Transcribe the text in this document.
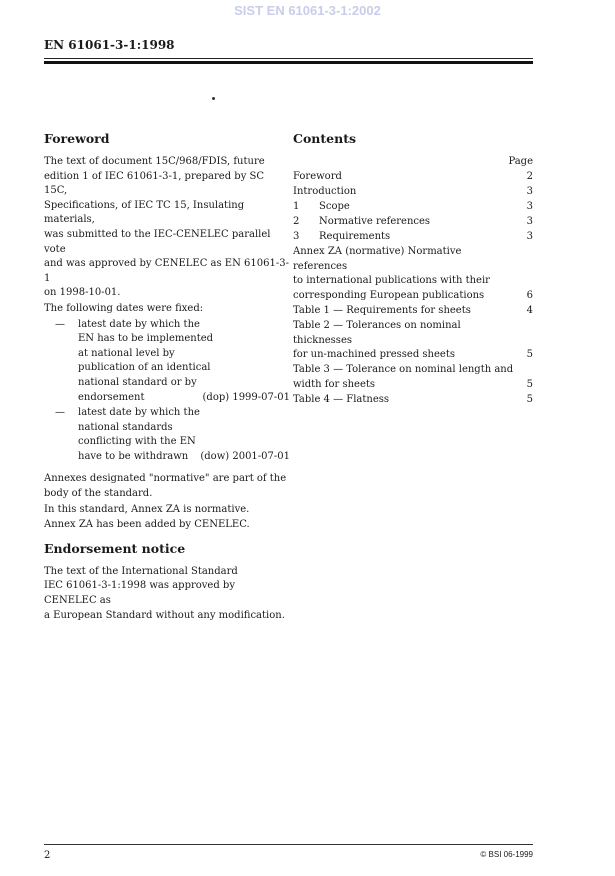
SIST EN 61061-3-1:2002
EN 61061-3-1:1998
Foreword

The text of document 15C/968/FDIS, future
edition 1 of IEC 61061-3-1, prepared by SC 15C,
Specifications, of IEC TC 15, Insulating materials,
was submitted to the IEC-CENELEC parallel vote
and was approved by CENELEC as EN 61061-3-1
on 1998-10-01.

The following dates were fixed:

—	latest date by which the
EN has to be implemented
at national level by
publication of an identical
national standard or by
endorsement	(dop) 1999-07-01
—	latest date by which the
national standards
conflicting with the EN
have to be withdrawn (dow) 2001-07-01

Annexes designated "normative" are part of the
body of the standard.

In this standard, Annex ZA is normative.

Annex ZA has been added by CENELEC.

Endorsement notice

The text of the International Standard
IEC 61061-3-1:1998 was approved by CENELEC as
a European Standard without any modification.

Contents
Page
Foreword	2
Introduction	3
1 Scope	3
2 Normative references	3
3 Requirements	3
Annex ZA (normative) Normative references
to international publications with their
corresponding European publications	6
Table 1 — Requirements for sheets	4
Table 2 — Tolerances on nominal thicknesses
for un-machined pressed sheets	5
Table 3 — Tolerance on nominal length and
width for sheets	5
Table 4 — Flatness	5
2	© BSI 06-1999
